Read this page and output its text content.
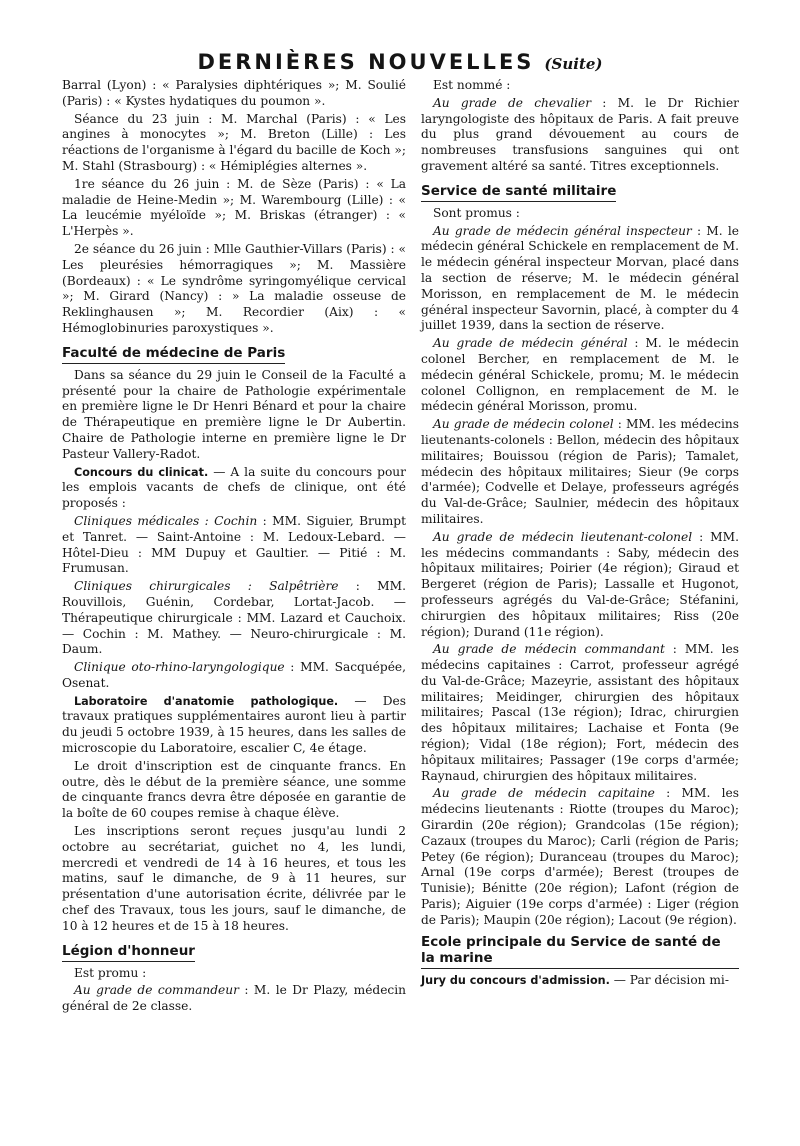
DERNIÈRES NOUVELLES (Suite)

Barral (Lyon) : « Paralysies diphtériques »; M. Soulié (Paris) : « Kystes hydatiques du poumon ».

Séance du 23 juin : M. Marchal (Paris) : « Les angines à monocytes »; M. Breton (Lille) : Les réactions de l'organisme à l'égard du bacille de Koch »; M. Stahl (Strasbourg) : « Hémiplégies alternes ».

1re séance du 26 juin : M. de Sèze (Paris) : « La maladie de Heine-Medin »; M. Warembourg (Lille) : « La leucémie myéloïde »; M. Briskas (étranger) : « L'Herpès ».

2e séance du 26 juin : Mlle Gauthier-Villars (Paris) : « Les pleurésies hémorragiques »; M. Massière (Bordeaux) : « Le syndrôme syringomyélique cervical »; M. Girard (Nancy) : » La maladie osseuse de Reklinghausen »; M. Recordier (Aix) : « Hémoglobinuries paroxystiques ».

Faculté de médecine de Paris

Dans sa séance du 29 juin le Conseil de la Faculté a présenté pour la chaire de Pathologie expérimentale en première ligne le Dr Henri Bénard et pour la chaire de Thérapeutique en première ligne le Dr Aubertin. Chaire de Pathologie interne en première ligne le Dr Pasteur Vallery-Radot.

Concours du clinicat. — A la suite du concours pour les emplois vacants de chefs de clinique, ont été proposés :

Cliniques médicales : Cochin : MM. Siguier, Brumpt et Tanret. — Saint-Antoine : M. Ledoux-Lebard. — Hôtel-Dieu : MM Dupuy et Gaultier. — Pitié : M. Frumusan.

Cliniques chirurgicales : Salpêtrière : MM. Rouvillois, Guénin, Cordebar, Lortat-Jacob. — Thérapeutique chirurgicale : MM. Lazard et Cauchoix. — Cochin : M. Mathey. — Neuro-chirurgicale : M. Daum.

Clinique oto-rhino-laryngologique : MM. Sacquépée, Osenat.

Laboratoire d'anatomie pathologique. — Des travaux pratiques supplémentaires auront lieu à partir du jeudi 5 octobre 1939, à 15 heures, dans les salles de microscopie du Laboratoire, escalier C, 4e étage.

Le droit d'inscription est de cinquante francs. En outre, dès le début de la première séance, une somme de cinquante francs devra être déposée en garantie de la boîte de 60 coupes remise à chaque élève.

Les inscriptions seront reçues jusqu'au lundi 2 octobre au secrétariat, guichet no 4, les lundi, mercredi et vendredi de 14 à 16 heures, et tous les matins, sauf le dimanche, de 9 à 11 heures, sur présentation d'une autorisation écrite, délivrée par le chef des Travaux, tous les jours, sauf le dimanche, de 10 à 12 heures et de 15 à 18 heures.

Légion d'honneur

Est promu :

Au grade de commandeur : M. le Dr Plazy, médecin général de 2e classe.

Est nommé :

Au grade de chevalier : M. le Dr Richier laryngologiste des hôpitaux de Paris. A fait preuve du plus grand dévouement au cours de nombreuses transfusions sanguines qui ont gravement altéré sa santé. Titres exceptionnels.

Service de santé militaire

Sont promus :

Au grade de médecin général inspecteur : M. le médecin général Schickele en remplacement de M. le médecin général inspecteur Morvan, placé dans la section de réserve; M. le médecin général Morisson, en remplacement de M. le médecin général inspecteur Savornin, placé, à compter du 4 juillet 1939, dans la section de réserve.

Au grade de médecin général : M. le médecin colonel Bercher, en remplacement de M. le médecin général Schickele, promu; M. le médecin colonel Collignon, en remplacement de M. le médecin général Morisson, promu.

Au grade de médecin colonel : MM. les médecins lieutenants-colonels : Bellon, médecin des hôpitaux militaires; Bouissou (région de Paris); Tamalet, médecin des hôpitaux militaires; Sieur (9e corps d'armée); Codvelle et Delaye, professeurs agrégés du Val-de-Grâce; Saulnier, médecin des hôpitaux militaires.

Au grade de médecin lieutenant-colonel : MM. les médecins commandants : Saby, médecin des hôpitaux militaires; Poirier (4e région); Giraud et Bergeret (région de Paris); Lassalle et Hugonot, professeurs agrégés du Val-de-Grâce; Stéfanini, chirurgien des hôpitaux militaires; Riss (20e région); Durand (11e région).

Au grade de médecin commandant : MM. les médecins capitaines : Carrot, professeur agrégé du Val-de-Grâce; Mazeyrie, assistant des hôpitaux militaires; Meidinger, chirurgien des hôpitaux militaires; Pascal (13e région); Idrac, chirurgien des hôpitaux militaires; Lachaise et Fonta (9e région); Vidal (18e région); Fort, médecin des hôpitaux militaires; Passager (19e corps d'armée; Raynaud, chirurgien des hôpitaux militaires.

Au grade de médecin capitaine : MM. les médecins lieutenants : Riotte (troupes du Maroc); Girardin (20e région); Grandcolas (15e région); Cazaux (troupes du Maroc); Carli (région de Paris; Petey (6e région); Duranceau (troupes du Maroc); Arnal (19e corps d'armée); Berest (troupes de Tunisie); Bénitte (20e région); Lafont (région de Paris); Aiguier (19e corps d'armée) : Liger (région de Paris); Maupin (20e région); Lacout (9e région).

Ecole principale du Service de santé de la marine

Jury du concours d'admission. — Par décision mi-
